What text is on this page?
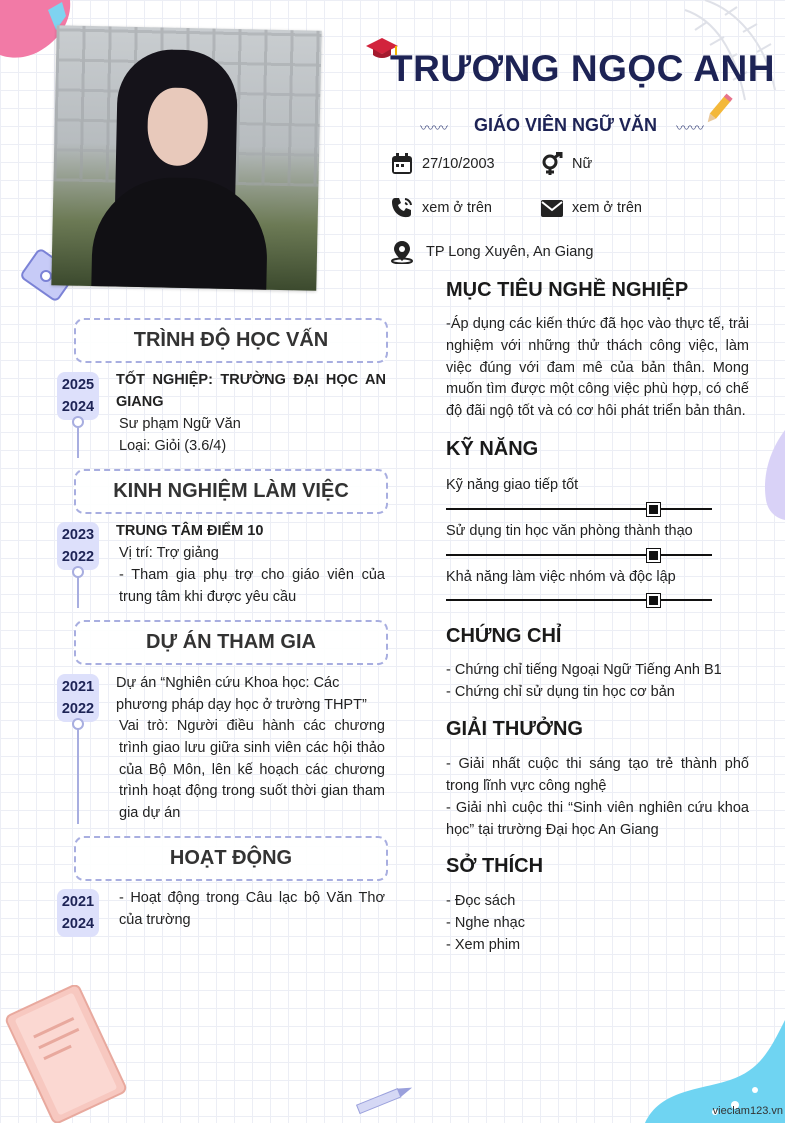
TRƯƠNG NGỌC ANH
〰〰 GIÁO VIÊN NGỮ VĂN 〰〰
27/10/2003	Nữ
xem ở trên	xem ở trên
TP Long Xuyên, An Giang
TRÌNH ĐỘ HỌC VẤN
2025
2024
TỐT NGHIỆP: TRƯỜNG ĐẠI HỌC AN GIANG
Sư phạm Ngữ Văn
Loại: Giỏi (3.6/4)
KINH NGHIỆM LÀM VIỆC
2023
2022
TRUNG TÂM ĐIỂM 10
Vị trí: Trợ giảng
- Tham gia phụ trợ cho giáo viên của trung tâm khi được yêu cầu
DỰ ÁN THAM GIA
2021
2022
Dự án “Nghiên cứu Khoa học: Các phương pháp dạy học ở trường THPT”
Vai trò: Người điều hành các chương trình giao lưu giữa sinh viên các hội thảo của Bộ Môn, lên kế hoạch các chương trình hoạt động trong suốt thời gian tham gia dự án
HOẠT ĐỘNG
2021
2024
- Hoạt động trong Câu lạc bộ Văn Thơ của trường
MỤC TIÊU NGHỀ NGHIỆP
-Áp dụng các kiến thức đã học vào thực tế, trải nghiệm với những thử thách công việc, làm việc đúng với đam mê của bản thân. Mong muốn tìm được một công việc phù hợp, có chế độ đãi ngộ tốt và có cơ hôi phát triển bản thân.
KỸ NĂNG
Kỹ năng giao tiếp tốt
Sử dụng tin học văn phòng thành thạo
Khả năng làm việc nhóm và độc lập
CHỨNG CHỈ
- Chứng chỉ tiếng Ngoại Ngữ Tiếng Anh B1
- Chứng chỉ sử dụng tin học cơ bản
GIẢI THƯỞNG
- Giải nhất cuộc thi sáng tạo trẻ thành phố trong lĩnh vực công nghệ
- Giải nhì cuộc thi “Sinh viên nghiên cứu khoa học” tại trường Đại học An Giang
SỞ THÍCH
- Đọc sách
- Nghe nhạc
- Xem phim
vieclam123.vn
